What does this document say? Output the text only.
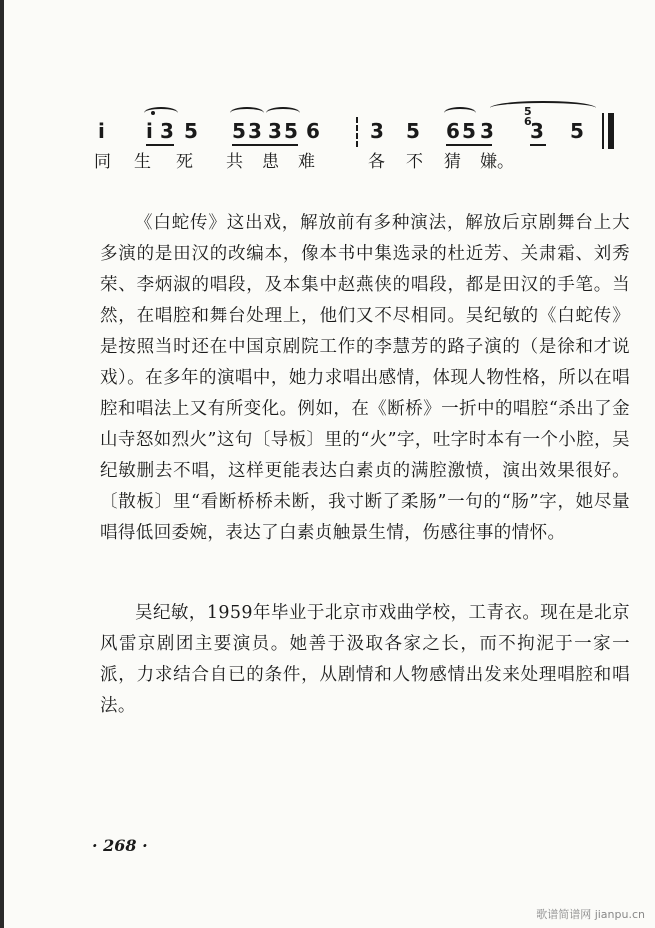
i i 3 5 5 3 3 5 6	3 5 6 5 3 3 5
5
6
同 生 死 共 患 难	各 不 猜 嫌。

《白蛇传》这出戏，解放前有多种演法，解放后京剧舞台上大多演的是田汉的改编本，像本书中集选录的杜近芳、关肃霜、刘秀荣、李炳淑的唱段，及本集中赵燕侠的唱段，都是田汉的手笔。当然，在唱腔和舞台处理上，他们又不尽相同。吴纪敏的《白蛇传》是按照当时还在中国京剧院工作的李慧芳的路子演的（是徐和才说戏）。在多年的演唱中，她力求唱出感情，体现人物性格，所以在唱腔和唱法上又有所变化。例如，在《断桥》一折中的唱腔“杀出了金山寺怒如烈火”这句〔导板〕里的“火”字，吐字时本有一个小腔，吴纪敏删去不唱，这样更能表达白素贞的满腔激愤，演出效果很好。〔散板〕里“看断桥桥未断，我寸断了柔肠”一句的“肠”字，她尽量唱得低回委婉，表达了白素贞触景生情，伤感往事的情怀。

吴纪敏，1959年毕业于北京市戏曲学校，工青衣。现在是北京风雷京剧团主要演员。她善于汲取各家之长，而不拘泥于一家一派，力求结合自已的条件，从剧情和人物感情出发来处理唱腔和唱法。

· 268 ·
歌谱简谱网 jianpu.cn
